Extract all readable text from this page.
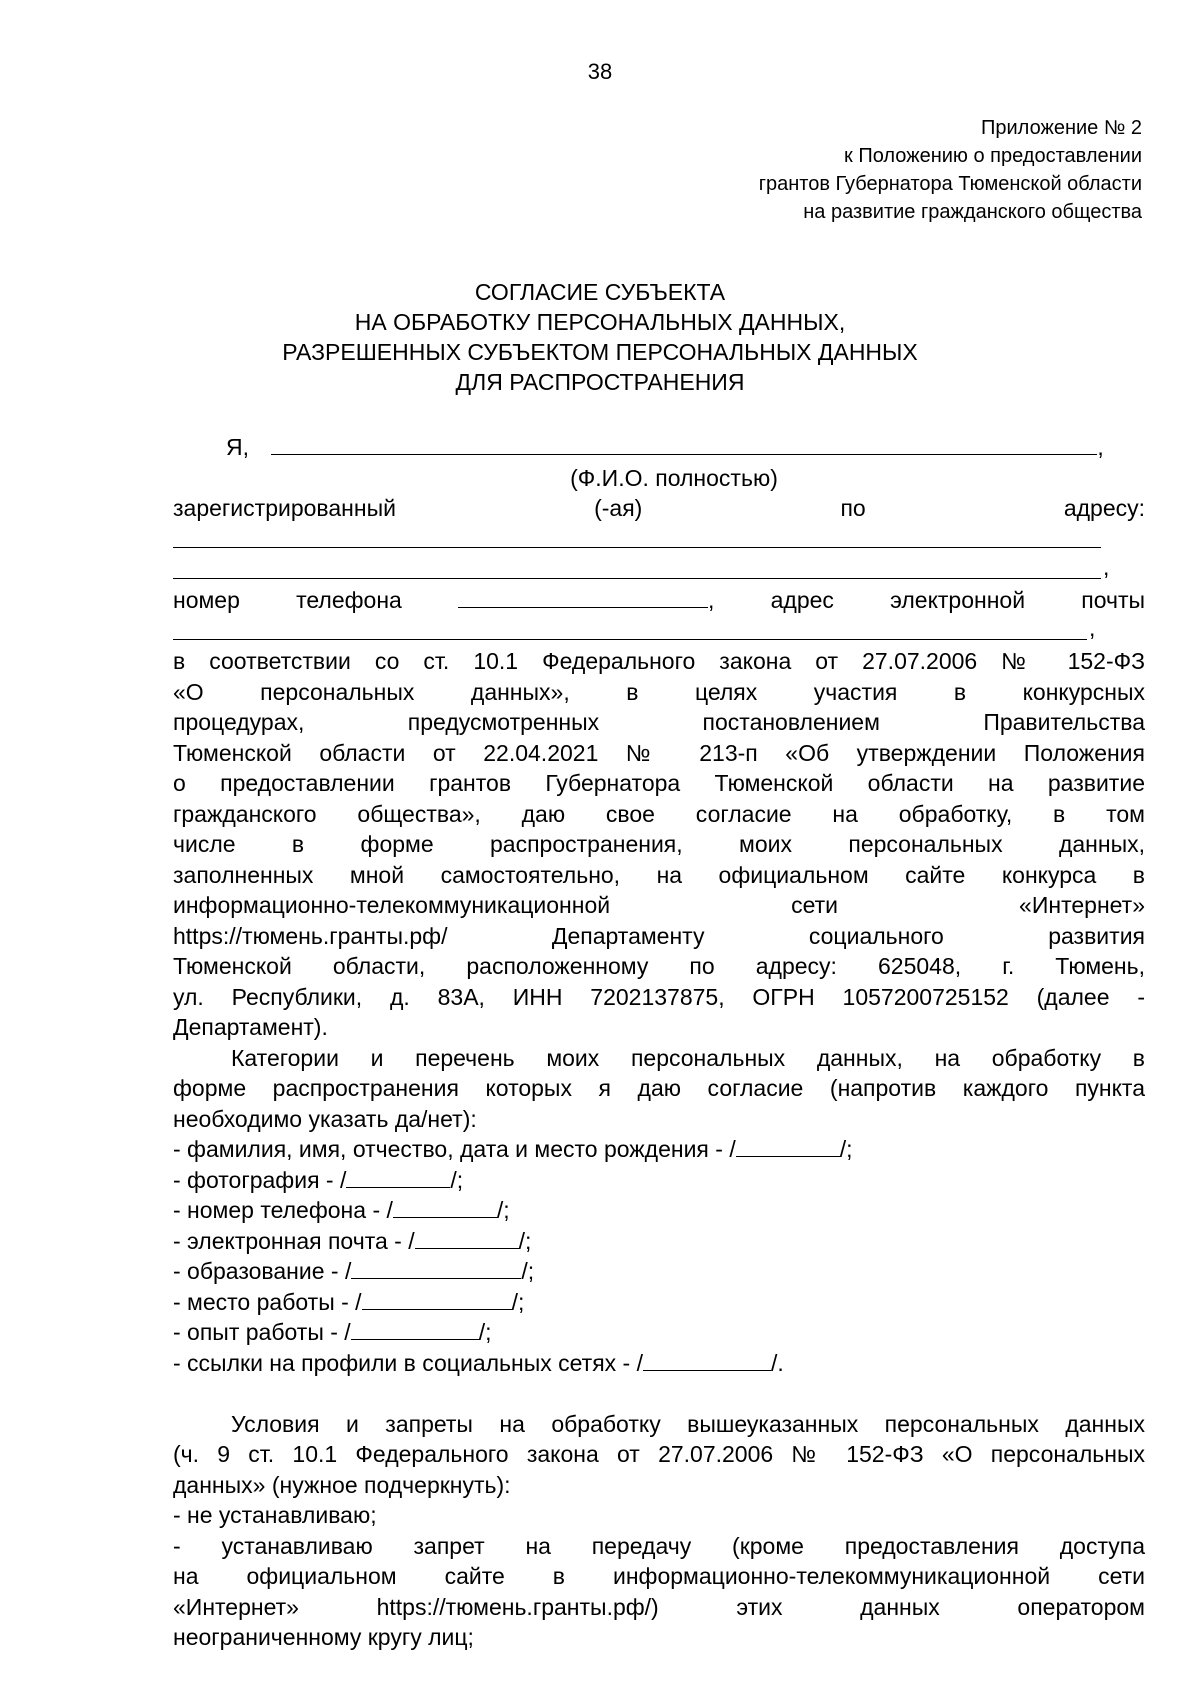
38
Приложение № 2
к Положению о предоставлении
грантов Губернатора Тюменской области
на развитие гражданского общества
СОГЛАСИЕ СУБЪЕКТА
НА ОБРАБОТКУ ПЕРСОНАЛЬНЫХ ДАННЫХ,
РАЗРЕШЕННЫХ СУБЪЕКТОМ ПЕРСОНАЛЬНЫХ ДАННЫХ
ДЛЯ РАСПРОСТРАНЕНИЯ
Я,	,
(Ф.И.О. полностью)
зарегистрированный	(-ая)	по	адресу:
,
номер телефона	, адрес электронной почты
,
в соответствии со ст. 10.1 Федерального закона от 27.07.2006 № 152-ФЗ
«О персональных данных», в целях участия в конкурсных
процедурах, предусмотренных постановлением Правительства
Тюменской области от 22.04.2021 № 213-п «Об утверждении Положения
о предоставлении грантов Губернатора Тюменской области на развитие
гражданского общества», даю свое согласие на обработку, в том
числе в форме распространения, моих персональных данных,
заполненных мной самостоятельно, на официальном сайте конкурса в
информационно-телекоммуникационной сети «Интернет»
https://тюмень.гранты.рф/ Департаменту социального развития
Тюменской области, расположенному по адресу: 625048, г. Тюмень,
ул. Республики, д. 83А, ИНН 7202137875, ОГРН 1057200725152 (далее -
Департамент).
Категории и перечень моих персональных данных, на обработку в
форме распространения которых я даю согласие (напротив каждого пункта
необходимо указать да/нет):
- фамилия, имя, отчество, дата и место рождения - /	/;
- фотография - /	/;
- номер телефона - /	/;
- электронная почта - /	/;
- образование - /	/;
- место работы - /	/;
- опыт работы - /	/;
- ссылки на профили в социальных сетях - /	/.
Условия и запреты на обработку вышеуказанных персональных данных
(ч. 9 ст. 10.1 Федерального закона от 27.07.2006 № 152-ФЗ «О персональных
данных» (нужное подчеркнуть):
- не устанавливаю;
- устанавливаю запрет на передачу (кроме предоставления доступа
на официальном сайте в информационно-телекоммуникационной сети
«Интернет» https://тюмень.гранты.рф/) этих данных оператором
неограниченному кругу лиц;
